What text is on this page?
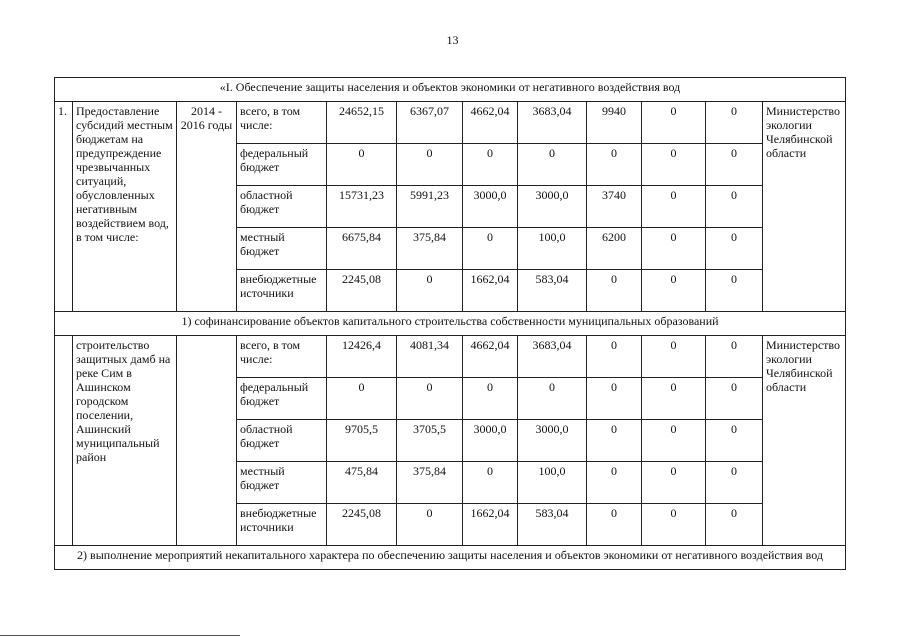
13
«I. Обеспечение защиты населения и объектов экономики от негативного воздействия вод											
1.	Предоставление субсидий местным бюджетам на предупреждение чрезвычанных ситуаций, обусловленных негативным воздействием вод, в том числе:	2014 - 2016 годы	всего, в том числе:	24652,15	6367,07	4662,04	3683,04	9940	0	0	Министерство экологии Челябинской области
			федеральный бюджет	0	0	0	0	0	0	0	
			областной бюджет	15731,23	5991,23	3000,0	3000,0	3740	0	0	
			местный бюджет	6675,84	375,84	0	100,0	6200	0	0	
			внебюджетные источники	2245,08	0	1662,04	583,04	0	0	0	
1) софинансирование объектов капитального строительства собственности муниципальных образований											
	строительство защитных дамб на реке Сим в Ашинском городском поселении, Ашинский муниципальный район		всего, в том числе:	12426,4	4081,34	4662,04	3683,04	0	0	0	Министерство экологии Челябинской области
			федеральный бюджет	0	0	0	0	0	0	0	
			областной бюджет	9705,5	3705,5	3000,0	3000,0	0	0	0	
			местный бюджет	475,84	375,84	0	100,0	0	0	0	
			внебюджетные источники	2245,08	0	1662,04	583,04	0	0	0	
2) выполнение мероприятий некапитального характера по обеспечению защиты населения и объектов экономики от негативного воздействия вод											
